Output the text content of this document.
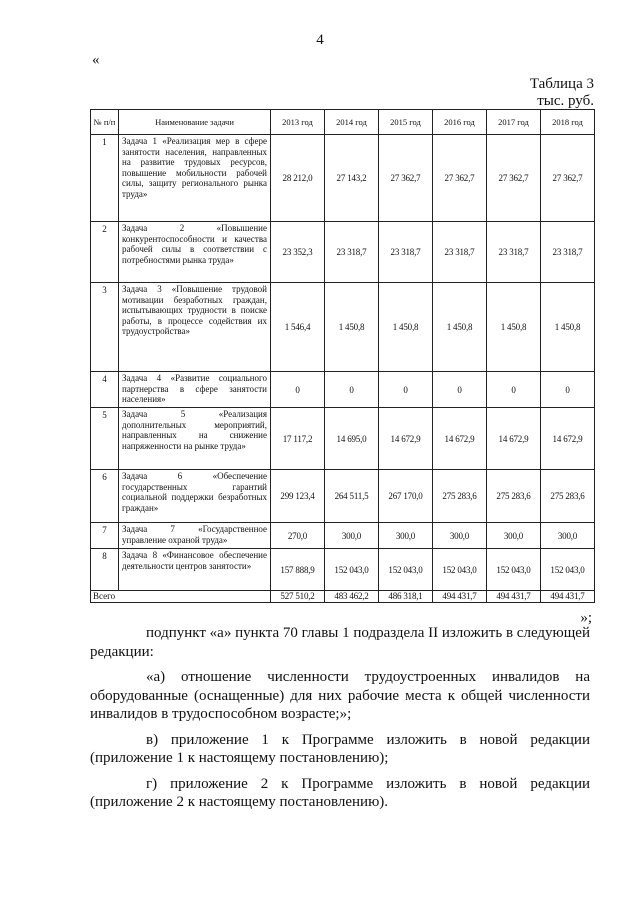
4
«
Таблица 3
тыс. руб.
№ п/п	Наименование задачи	2013 год	2014 год	2015 год	2016 год	2017 год	2018 год
1	Задача 1 «Реализация мер в сфере занятости населения, направленных на развитие трудовых ресурсов, повышение мобильности рабочей силы, защиту регионального рынка труда»	28 212,0	27 143,2	27 362,7	27 362,7	27 362,7	27 362,7
2	Задача 2 «Повышение конкурентоспособности и качества рабочей силы в соответствии с потребностями рынка труда»	23 352,3	23 318,7	23 318,7	23 318,7	23 318,7	23 318,7
3	Задача 3 «Повышение трудовой мотивации безработных граждан, испытывающих трудности в поиске работы, в процессе содействия их трудоустройства»	1 546,4	1 450,8	1 450,8	1 450,8	1 450,8	1 450,8
4	Задача 4 «Развитие социального партнерства в сфере занятости населения»	0	0	0	0	0	0
5	Задача 5 «Реализация дополнительных мероприятий, направленных на снижение напряженности на рынке труда»	17 117,2	14 695,0	14 672,9	14 672,9	14 672,9	14 672,9
6	Задача 6 «Обеспечение государственных гарантий социальной поддержки безработных граждан»	299 123,4	264 511,5	267 170,0	275 283,6	275 283,6	275 283,6
7	Задача 7 «Государственное управление охраной труда»	270,0	300,0	300,0	300,0	300,0	300,0
8	Задача 8 «Финансовое обеспечение деятельности центров занятости»	157 888,9	152 043,0	152 043,0	152 043,0	152 043,0	152 043,0
Всего		527 510,2	483 462,2	486 318,1	494 431,7	494 431,7	494 431,7
»;

подпункт «а» пункта 70 главы 1 подраздела II изложить в следующей редакции:

«а) отношение численности трудоустроенных инвалидов на оборудованные (оснащенные) для них рабочие места к общей численности инвалидов в трудоспособном возрасте;»;

в) приложение 1 к Программе изложить в новой редакции (приложение 1 к настоящему постановлению);

г) приложение 2 к Программе изложить в новой редакции (приложение 2 к настоящему постановлению).
